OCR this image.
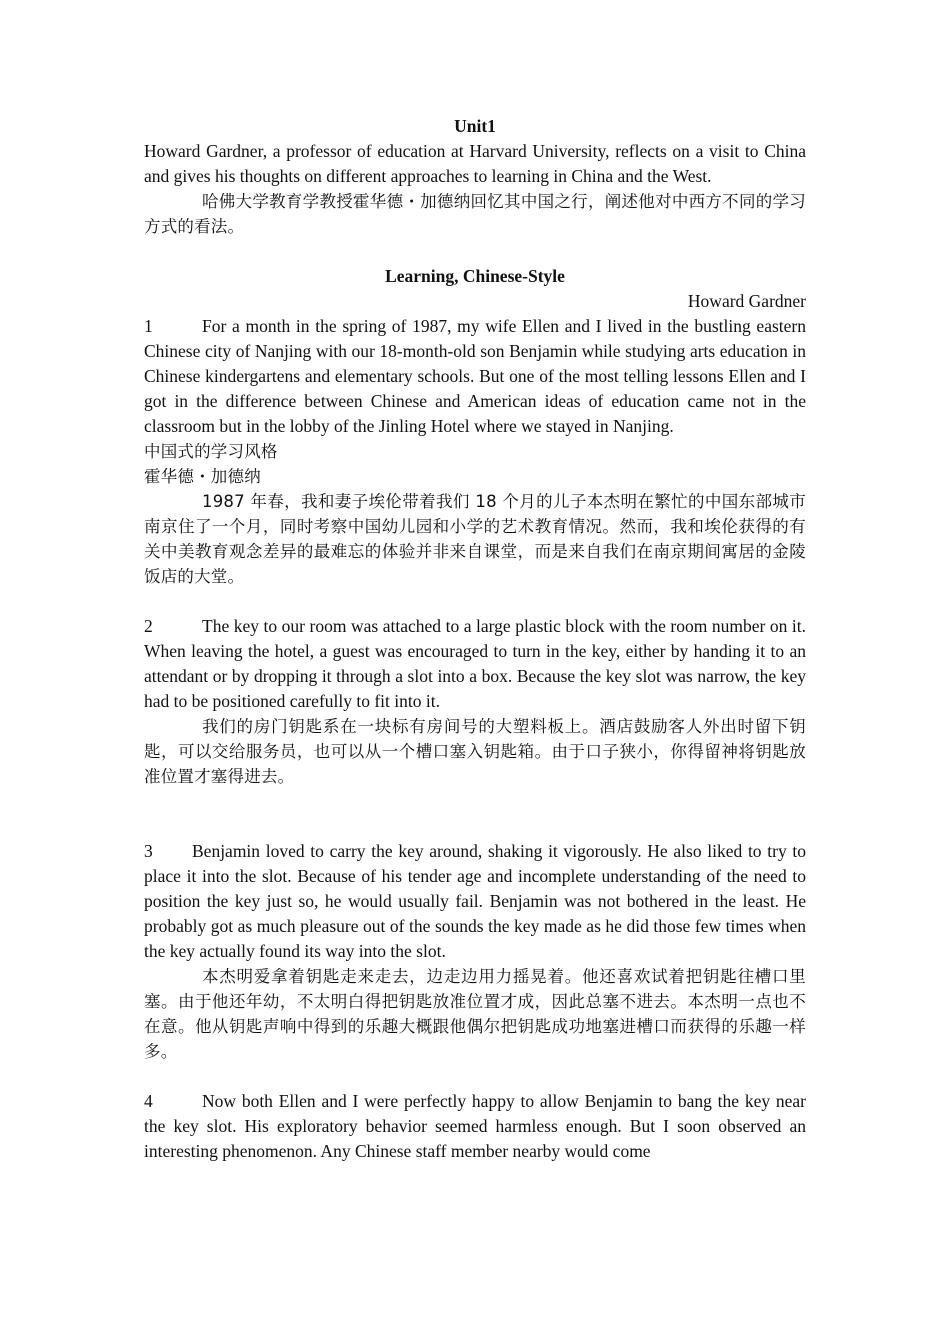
Unit1

Howard Gardner, a professor of education at Harvard University, reflects on a visit to China and gives his thoughts on different approaches to learning in China and the West.

哈佛大学教育学教授霍华德・加德纳回忆其中国之行，阐述他对中西方不同的学习方式的看法。

Learning, Chinese-Style

Howard Gardner

1	For a month in the spring of 1987, my wife Ellen and I lived in the bustling eastern Chinese city of Nanjing with our 18-month-old son Benjamin while studying arts education in Chinese kindergartens and elementary schools. But one of the most telling lessons Ellen and I got in the difference between Chinese and American ideas of education came not in the classroom but in the lobby of the Jinling Hotel where we stayed in Nanjing.

中国式的学习风格

霍华德・加德纳

1987 年春，我和妻子埃伦带着我们 18 个月的儿子本杰明在繁忙的中国东部城市南京住了一个月，同时考察中国幼儿园和小学的艺术教育情况。然而，我和埃伦获得的有关中美教育观念差异的最难忘的体验并非来自课堂，而是来自我们在南京期间寓居的金陵饭店的大堂。

2	The key to our room was attached to a large plastic block with the room number on it. When leaving the hotel, a guest was encouraged to turn in the key, either by handing it to an attendant or by dropping it through a slot into a box. Because the key slot was narrow, the key had to be positioned carefully to fit into it.

我们的房门钥匙系在一块标有房间号的大塑料板上。酒店鼓励客人外出时留下钥匙，可以交给服务员，也可以从一个槽口塞入钥匙箱。由于口子狭小，你得留神将钥匙放准位置才塞得进去。

3 Benjamin loved to carry the key around, shaking it vigorously. He also liked to try to place it into the slot. Because of his tender age and incomplete understanding of the need to position the key just so, he would usually fail. Benjamin was not bothered in the least. He probably got as much pleasure out of the sounds the key made as he did those few times when the key actually found its way into the slot.

本杰明爱拿着钥匙走来走去，边走边用力摇晃着。他还喜欢试着把钥匙往槽口里塞。由于他还年幼，不太明白得把钥匙放准位置才成，因此总塞不进去。本杰明一点也不在意。他从钥匙声响中得到的乐趣大概跟他偶尔把钥匙成功地塞进槽口而获得的乐趣一样多。

4	Now both Ellen and I were perfectly happy to allow Benjamin to bang the key near the key slot. His exploratory behavior seemed harmless enough. But I soon observed an interesting phenomenon. Any Chinese staff member nearby would come
